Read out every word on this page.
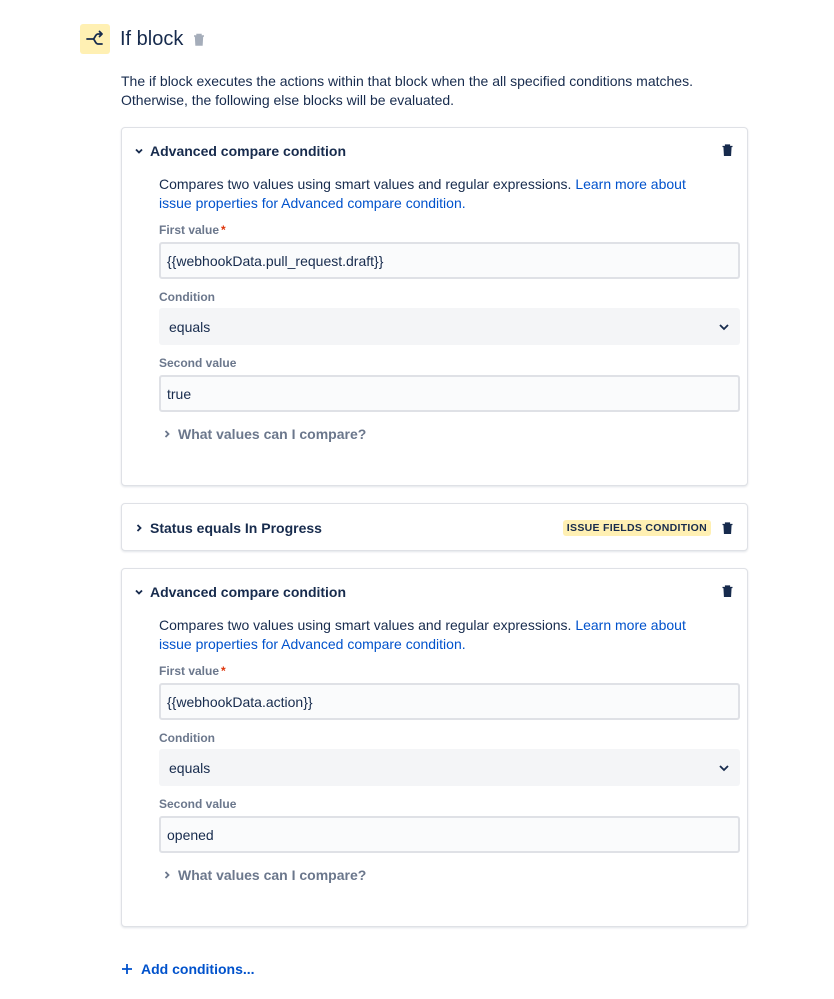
If block
The if block executes the actions within that block when the all specified conditions matches. Otherwise, the following else blocks will be evaluated.
Advanced compare condition
Compares two values using smart values and regular expressions. Learn more about issue properties for Advanced compare condition.
First value *
{{webhookData.pull_request.draft}}
Condition
equals
Second value
true
What values can I compare?
Status equals In Progress	ISSUE FIELDS CONDITION
Advanced compare condition
Compares two values using smart values and regular expressions. Learn more about issue properties for Advanced compare condition.
First value *
{{webhookData.action}}
Condition
equals
Second value
opened
What values can I compare?
Add conditions...
